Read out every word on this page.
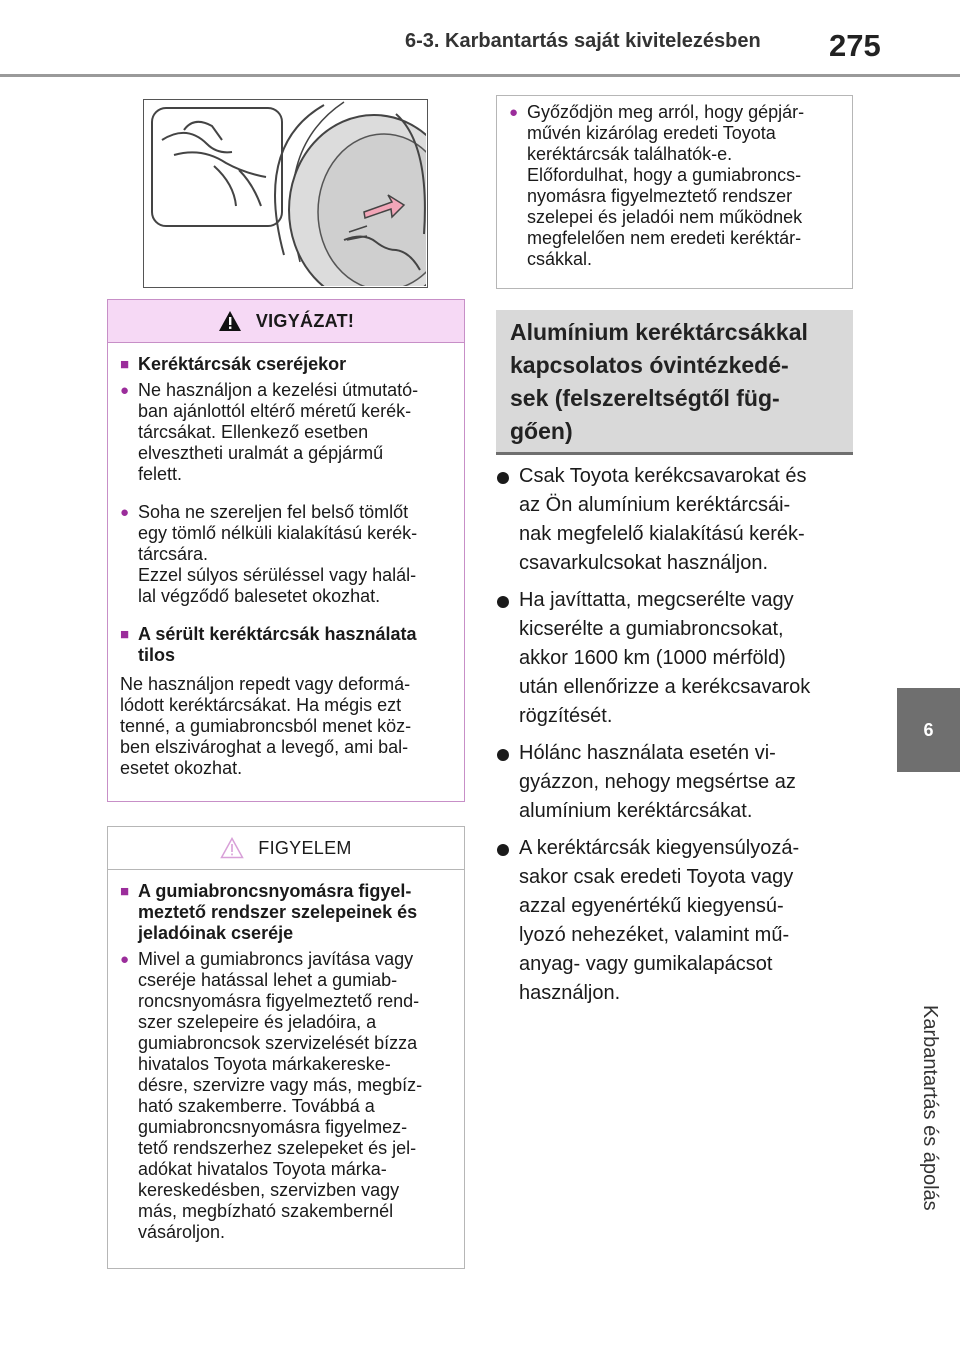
6-3. Karbantartás saját kivitelezésben 275
6
Karbantartás és ápolás
VIGYÁZAT!
■ Keréktárcsák cseréjekor
● Ne használjon a kezelési útmutató-
ban ajánlottól eltérő méretű kerék-
tárcsákat. Ellenkező esetben
elvesztheti uralmát a gépjármű
felett.
● Soha ne szereljen fel belső tömlőt
egy tömlő nélküli kialakítású kerék-
tárcsára.
Ezzel súlyos sérüléssel vagy halál-
lal végződő balesetet okozhat.
■ A sérült keréktárcsák használata
tilos
Ne használjon repedt vagy deformá-
lódott keréktárcsákat. Ha mégis ezt
tenné, a gumiabroncsból menet köz-
ben elszivároghat a levegő, ami bal-
esetet okozhat.
FIGYELEM
■ A gumiabroncsnyomásra figyel-
meztető rendszer szelepeinek és
jeladóinak cseréje
● Mivel a gumiabroncs javítása vagy
cseréje hatással lehet a gumiab-
roncsnyomásra figyelmeztető rend-
szer szelepeire és jeladóira, a
gumiabroncsok szervizelését bízza
hivatalos Toyota márkakereske-
désre, szervizre vagy más, megbíz-
ható szakemberre. Továbbá a
gumiabroncsnyomásra figyelmez-
tető rendszerhez szelepeket és jel-
adókat hivatalos Toyota márka-
kereskedésben, szervizben vagy
más, megbízható szakembernél
vásároljon.
● Győződjön meg arról, hogy gépjár-
művén kizárólag eredeti Toyota
keréktárcsák találhatók-e.
Előfordulhat, hogy a gumiabroncs-
nyomásra figyelmeztető rendszer
szelepei és jeladói nem működnek
megfelelően nem eredeti keréktár-
csákkal.
Alumínium keréktárcsákkal
kapcsolatos óvintézkedé-
sek (felszereltségtől füg-
gően)
Csak Toyota kerékcsavarokat és
az Ön alumínium keréktárcsái-
nak megfelelő kialakítású kerék-
csavarkulcsokat használjon.
Ha javíttatta, megcserélte vagy
kicserélte a gumiabroncsokat,
akkor 1600 km (1000 mérföld)
után ellenőrizze a kerékcsavarok
rögzítését.
Hólánc használata esetén vi-
gyázzon, nehogy megsértse az
alumínium keréktárcsákat.
A keréktárcsák kiegyensúlyozá-
sakor csak eredeti Toyota vagy
azzal egyenértékű kiegyensú-
lyozó nehezéket, valamint mű-
anyag- vagy gumikalapácsot
használjon.
